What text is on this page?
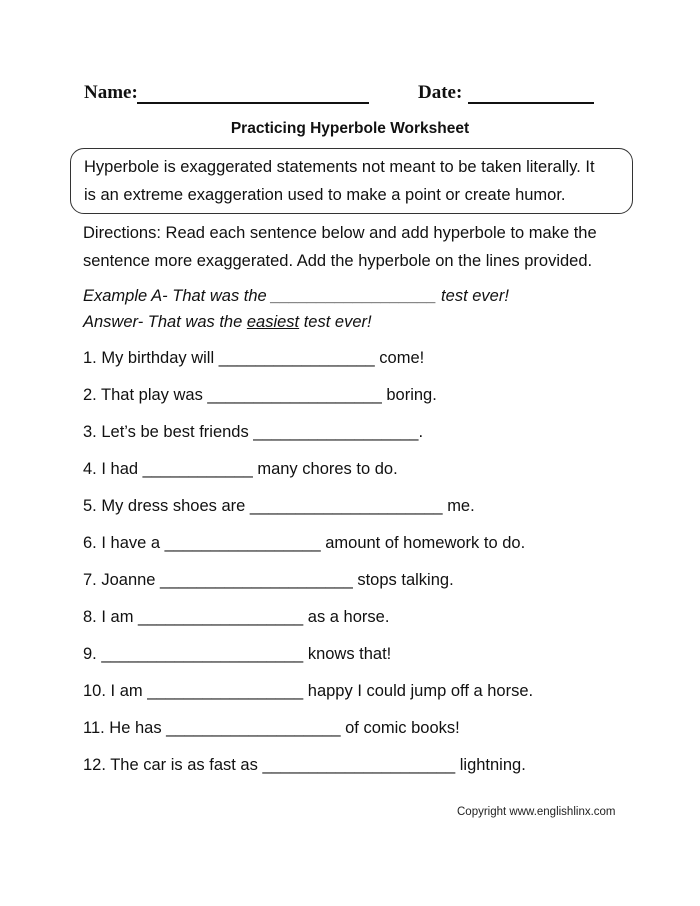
Name:	Date:
Practicing Hyperbole Worksheet
Hyperbole is exaggerated statements not meant to be taken literally. It
is an extreme exaggeration used to make a point or create humor.
Directions: Read each sentence below and add hyperbole to make the
sentence more exaggerated. Add the hyperbole on the lines provided.
Example A- That was the __________________ test ever!
Answer- That was the easiest test ever!
1. My birthday will _________________ come!
2. That play was ___________________ boring.
3. Let’s be best friends __________________.
4. I had ____________ many chores to do.
5. My dress shoes are _____________________ me.
6. I have a _________________ amount of homework to do.
7. Joanne _____________________ stops talking.
8. I am __________________ as a horse.
9. ______________________ knows that!
10. I am _________________ happy I could jump off a horse.
11. He has ___________________ of comic books!
12. The car is as fast as _____________________ lightning.
Copyright www.englishlinx.com
